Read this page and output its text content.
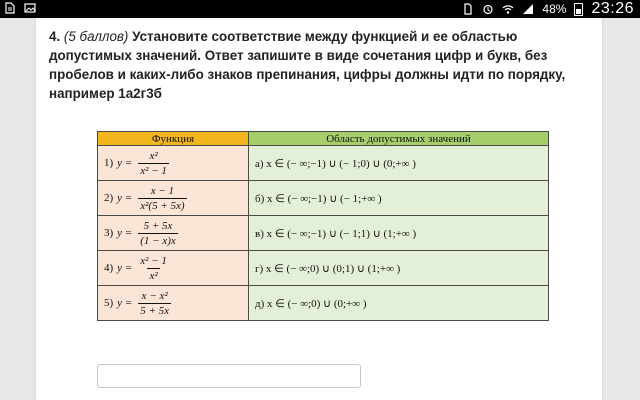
48% 23:26
4. (5 баллов) Установите соответствие между функцией и ее областью допустимых значений. Ответ запишите в виде сочетания цифр и букв, без пробелов и каких-либо знаков препинания, цифры должны идти по порядку, например 1а2г3б
Функция	Область допустимых значений

1) $y = \frac{\text{x²}}{\text{x² − 1}}$	а) x ∈ (− ∞;−1) ∪ (− 1;0) ∪ (0;+∞ )

2) $y = \frac{x - 1}{\text{x²(5 + 5x)}}$	б) x ∈ (− ∞;−1) ∪ (− 1;+∞ )

3) $y = \frac{5 + 5x}{(1 - x)x}$	в) x ∈ (− ∞;−1) ∪ (− 1;1) ∪ (1;+∞ )

4) $y = \frac{\text{x² − 1}}{\text{x²}}$	г) x ∈ (− ∞;0) ∪ (0;1) ∪ (1;+∞ )

5) $y = \frac{\text{x − x²}}{5 + 5x}$	д) x ∈ (− ∞;0) ∪ (0;+∞ )
